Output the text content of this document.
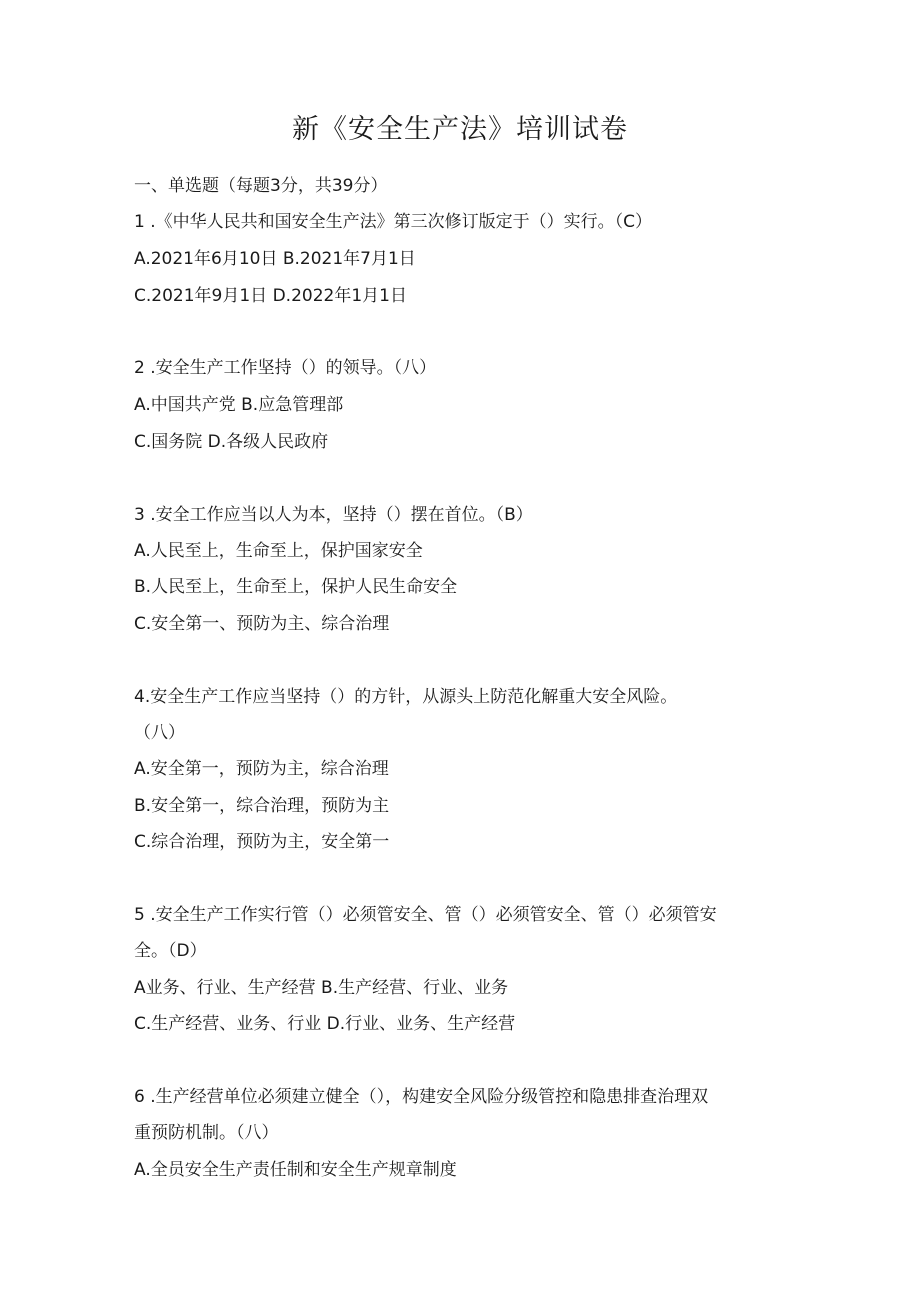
新《安全生产法》培训试卷
一、单选题（每题3分，共39分）
1 .《中华人民共和国安全生产法》第三次修订版定于（）实行。（C）
A.2021年6月10日 B.2021年7月1日
C.2021年9月1日 D.2022年1月1日
2 .安全生产工作坚持（）的领导。（八）
A.中国共产党 B.应急管理部
C.国务院 D.各级人民政府
3 .安全工作应当以人为本，坚持（）摆在首位。（B）
A.人民至上，生命至上，保护国家安全
B.人民至上，生命至上，保护人民生命安全
C.安全第一、预防为主、综合治理
4.安全生产工作应当坚持（）的方针，从源头上防范化解重大安全风险。
（八）
A.安全第一，预防为主，综合治理
B.安全第一，综合治理，预防为主
C.综合治理，预防为主，安全第一
5 .安全生产工作实行管（）必须管安全、管（）必须管安全、管（）必须管安
全。（D）
A业务、行业、生产经营 B.生产经营、行业、业务
C.生产经营、业务、行业 D.行业、业务、生产经营
6 .生产经营单位必须建立健全（），构建安全风险分级管控和隐患排查治理双
重预防机制。（八）
A.全员安全生产责任制和安全生产规章制度
